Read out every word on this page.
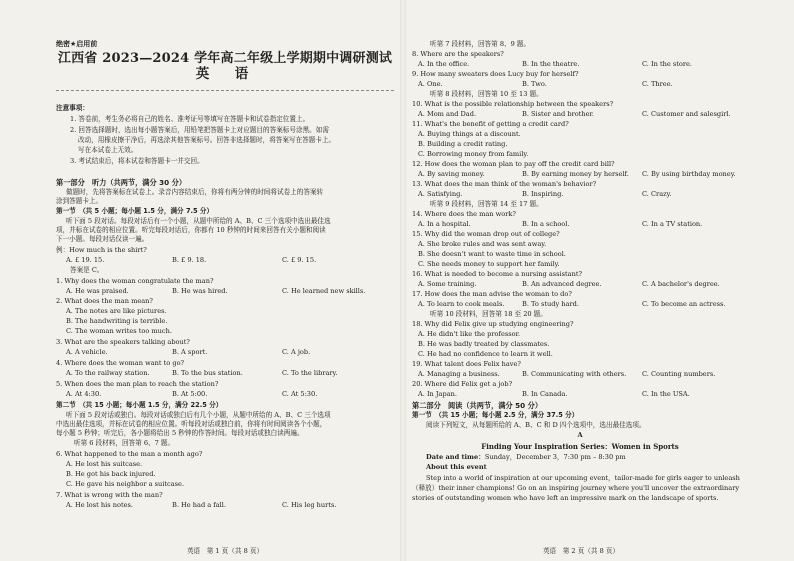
绝密★启用前
江西省 2023—2024 学年高二年级上学期期中调研测试
英　语
注意事项：
1. 答卷前，考生务必将自己的姓名、准考证号等填写在答题卡和试卷指定位置上。
2. 回答选择题时，选出每小题答案后，用铅笔把答题卡上对应题目的答案标号涂黑。如需
改动，用橡皮擦干净后，再选涂其他答案标号。回答非选择题时，将答案写在答题卡上。
写在本试卷上无效。
3. 考试结束后，将本试卷和答题卡一并交回。
第一部分　听力（共两节，满分 30 分）
做题时，先将答案标在试卷上。录音内容结束后，你将有两分钟的时间将试卷上的答案转
涂到答题卡上。
第一节　（共 5 小题；每小题 1.5 分，满分 7.5 分）
听下面 5 段对话。每段对话后有一个小题，从题中所给的 A、B、C 三个选项中选出最佳选
项，并标在试卷的相应位置。听完每段对话后，你都有 10 秒钟的时间来回答有关小题和阅读
下一小题。每段对话仅读一遍。
例：How much is the shirt?
A. £ 19. 15.	B. £ 9. 18.	C. £ 9. 15.
答案是 C。
1. Why does the woman congratulate the man?
A. He was praised.	B. He was hired.	C. He learned new skills.
2. What does the man mean?
A. The notes are like pictures.
B. The handwriting is terrible.
C. The woman writes too much.
3. What are the speakers talking about?
A. A vehicle.	B. A sport.	C. A job.
4. Where does the woman want to go?
A. To the railway station.	B. To the bus station.	C. To the library.
5. When does the man plan to reach the station?
A. At 4:30.	B. At 5:00.	C. At 5:30.
第二节　（共 15 小题；每小题 1.5 分，满分 22.5 分）
听下面 5 段对话或独白。每段对话或独白后有几个小题，从题中所给的 A、B、C 三个选项
中选出最佳选项，并标在试卷的相应位置。听每段对话或独白前，你将有时间阅读各个小题，
每小题 5 秒钟；听完后，各小题将给出 5 秒钟的作答时间。每段对话或独白读两遍。
听第 6 段材料，回答第 6、7 题。
6. What happened to the man a month ago?
A. He lost his suitcase.
B. He got his back injured.
C. He gave his neighbor a suitcase.
7. What is wrong with the man?
A. He lost his notes.	B. He had a fall.	C. His leg hurts.
英语　第 1 页（共 8 页）
听第 7 段材料，回答第 8、9 题。
8. Where are the speakers?
A. In the office.	B. In the theatre.	C. In the store.
9. How many sweaters does Lucy buy for herself?
A. One.	B. Two.	C. Three.
听第 8 段材料，回答第 10 至 13 题。
10. What is the possible relationship between the speakers?
A. Mom and Dad.	B. Sister and brother.	C. Customer and salesgirl.
11. What's the benefit of getting a credit card?
A. Buying things at a discount.
B. Building a credit rating.
C. Borrowing money from family.
12. How does the woman plan to pay off the credit card bill?
A. By saving money.	B. By earning money by herself. C. By using birthday money.
13. What does the man think of the woman's behavior?
A. Satisfying.	B. Inspiring.	C. Crazy.
听第 9 段材料，回答第 14 至 17 题。
14. Where does the man work?
A. In a hospital.	B. In a school.	C. In a TV station.
15. Why did the woman drop out of college?
A. She broke rules and was sent away.
B. She doesn't want to waste time in school.
C. She needs money to support her family.
16. What is needed to become a nursing assistant?
A. Some training.	B. An advanced degree.	C. A bachelor's degree.
17. How does the man advise the woman to do?
A. To learn to cook meals.	B. To study hard.	C. To become an actress.
听第 10 段材料，回答第 18 至 20 题。
18. Why did Felix give up studying engineering?
A. He didn't like the professor.
B. He was badly treated by classmates.
C. He had no confidence to learn it well.
19. What talent does Felix have?
A. Managing a business.	B. Communicating with others. C. Counting numbers.
20. Where did Felix get a job?
A. In Japan.	B. In Canada.	C. In the USA.
第二部分　阅读（共两节，满分 50 分）
第一节　（共 15 小题；每小题 2.5 分，满分 37.5 分）
阅读下列短文，从每题所给的 A、B、C 和 D 四个选项中，选出最佳选项。
A
Finding Your Inspiration Series：Women in Sports
Date and time：Sunday，December 3，7:30 pm – 8:30 pm
About this event
Step into a world of inspiration at our upcoming event，tailor-made for girls eager to unleash
（释放）their inner champions! Go on an inspiring journey where you'll uncover the extraordinary
stories of outstanding women who have left an impressive mark on the landscape of sports.
英语　第 2 页（共 8 页）
